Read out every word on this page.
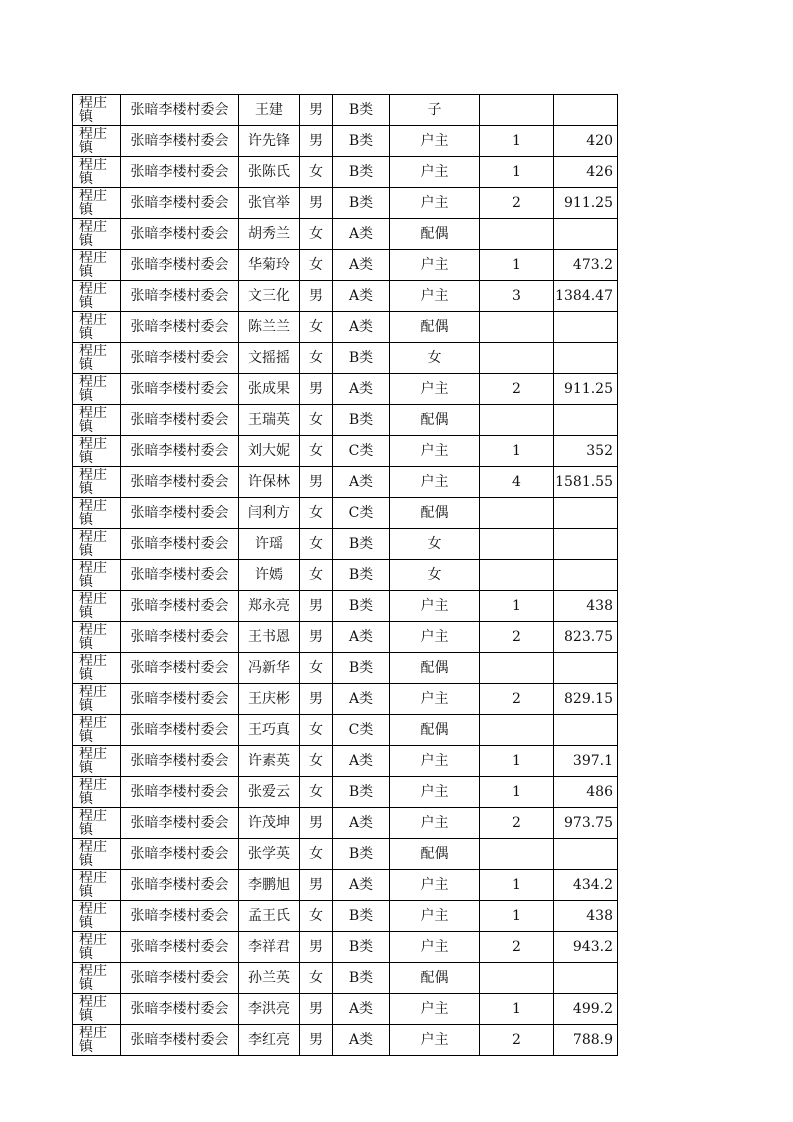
程庄镇	张暗李楼村委会	王建	男	B类	子		

程庄镇	张暗李楼村委会	许先锋	男	B类	户主	1	420

程庄镇	张暗李楼村委会	张陈氏	女	B类	户主	1	426

程庄镇	张暗李楼村委会	张官举	男	B类	户主	2	911.25

程庄镇	张暗李楼村委会	胡秀兰	女	A类	配偶		

程庄镇	张暗李楼村委会	华菊玲	女	A类	户主	1	473.2

程庄镇	张暗李楼村委会	文三化	男	A类	户主	3	1384.47

程庄镇	张暗李楼村委会	陈兰兰	女	A类	配偶		

程庄镇	张暗李楼村委会	文摇摇	女	B类	女		

程庄镇	张暗李楼村委会	张成果	男	A类	户主	2	911.25

程庄镇	张暗李楼村委会	王瑞英	女	B类	配偶		

程庄镇	张暗李楼村委会	刘大妮	女	C类	户主	1	352

程庄镇	张暗李楼村委会	许保林	男	A类	户主	4	1581.55

程庄镇	张暗李楼村委会	闫利方	女	C类	配偶		

程庄镇	张暗李楼村委会	许瑶	女	B类	女		

程庄镇	张暗李楼村委会	许嫣	女	B类	女		

程庄镇	张暗李楼村委会	郑永亮	男	B类	户主	1	438

程庄镇	张暗李楼村委会	王书恩	男	A类	户主	2	823.75

程庄镇	张暗李楼村委会	冯新华	女	B类	配偶		

程庄镇	张暗李楼村委会	王庆彬	男	A类	户主	2	829.15

程庄镇	张暗李楼村委会	王巧真	女	C类	配偶		

程庄镇	张暗李楼村委会	许素英	女	A类	户主	1	397.1

程庄镇	张暗李楼村委会	张爱云	女	B类	户主	1	486

程庄镇	张暗李楼村委会	许茂坤	男	A类	户主	2	973.75

程庄镇	张暗李楼村委会	张学英	女	B类	配偶		

程庄镇	张暗李楼村委会	李鹏旭	男	A类	户主	1	434.2

程庄镇	张暗李楼村委会	孟王氏	女	B类	户主	1	438

程庄镇	张暗李楼村委会	李祥君	男	B类	户主	2	943.2

程庄镇	张暗李楼村委会	孙兰英	女	B类	配偶		

程庄镇	张暗李楼村委会	李洪亮	男	A类	户主	1	499.2

程庄镇	张暗李楼村委会	李红亮	男	A类	户主	2	788.9
